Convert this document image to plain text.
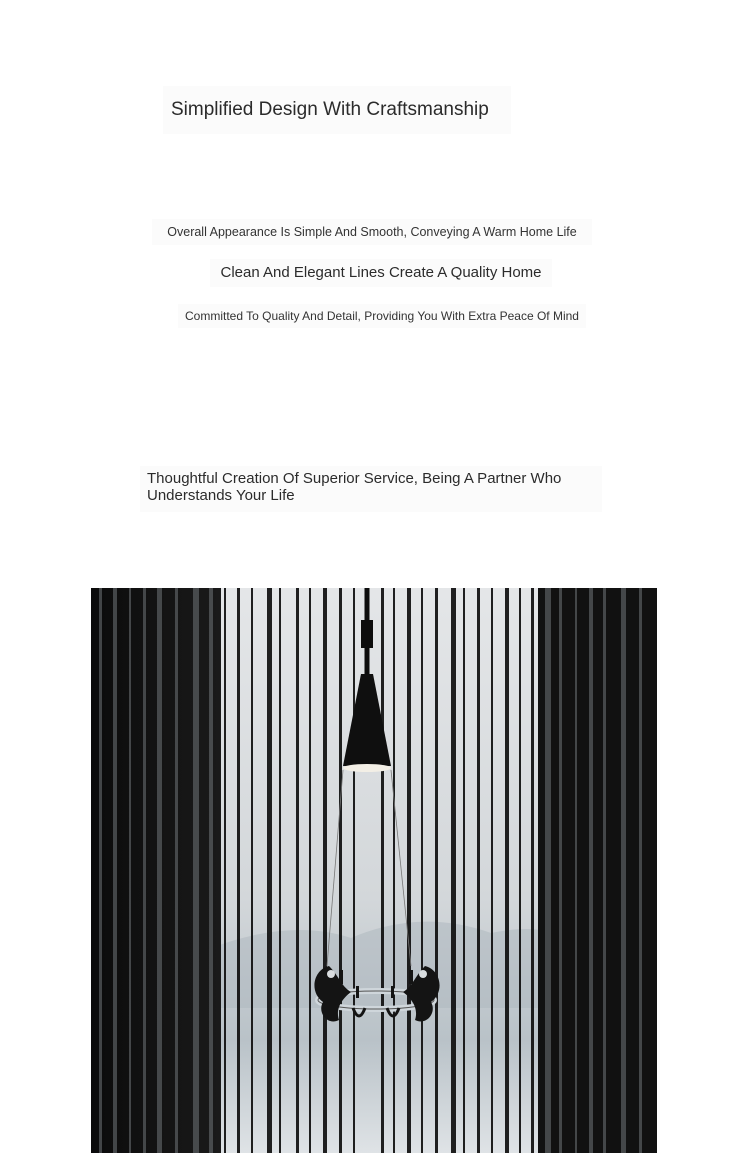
Simplified Design With Craftsmanship
Overall Appearance Is Simple And Smooth, Conveying A Warm Home Life
Clean And Elegant Lines Create A Quality Home
Committed To Quality And Detail, Providing You With Extra Peace Of Mind
Thoughtful Creation Of Superior Service, Being A Partner Who Understands Your Life
